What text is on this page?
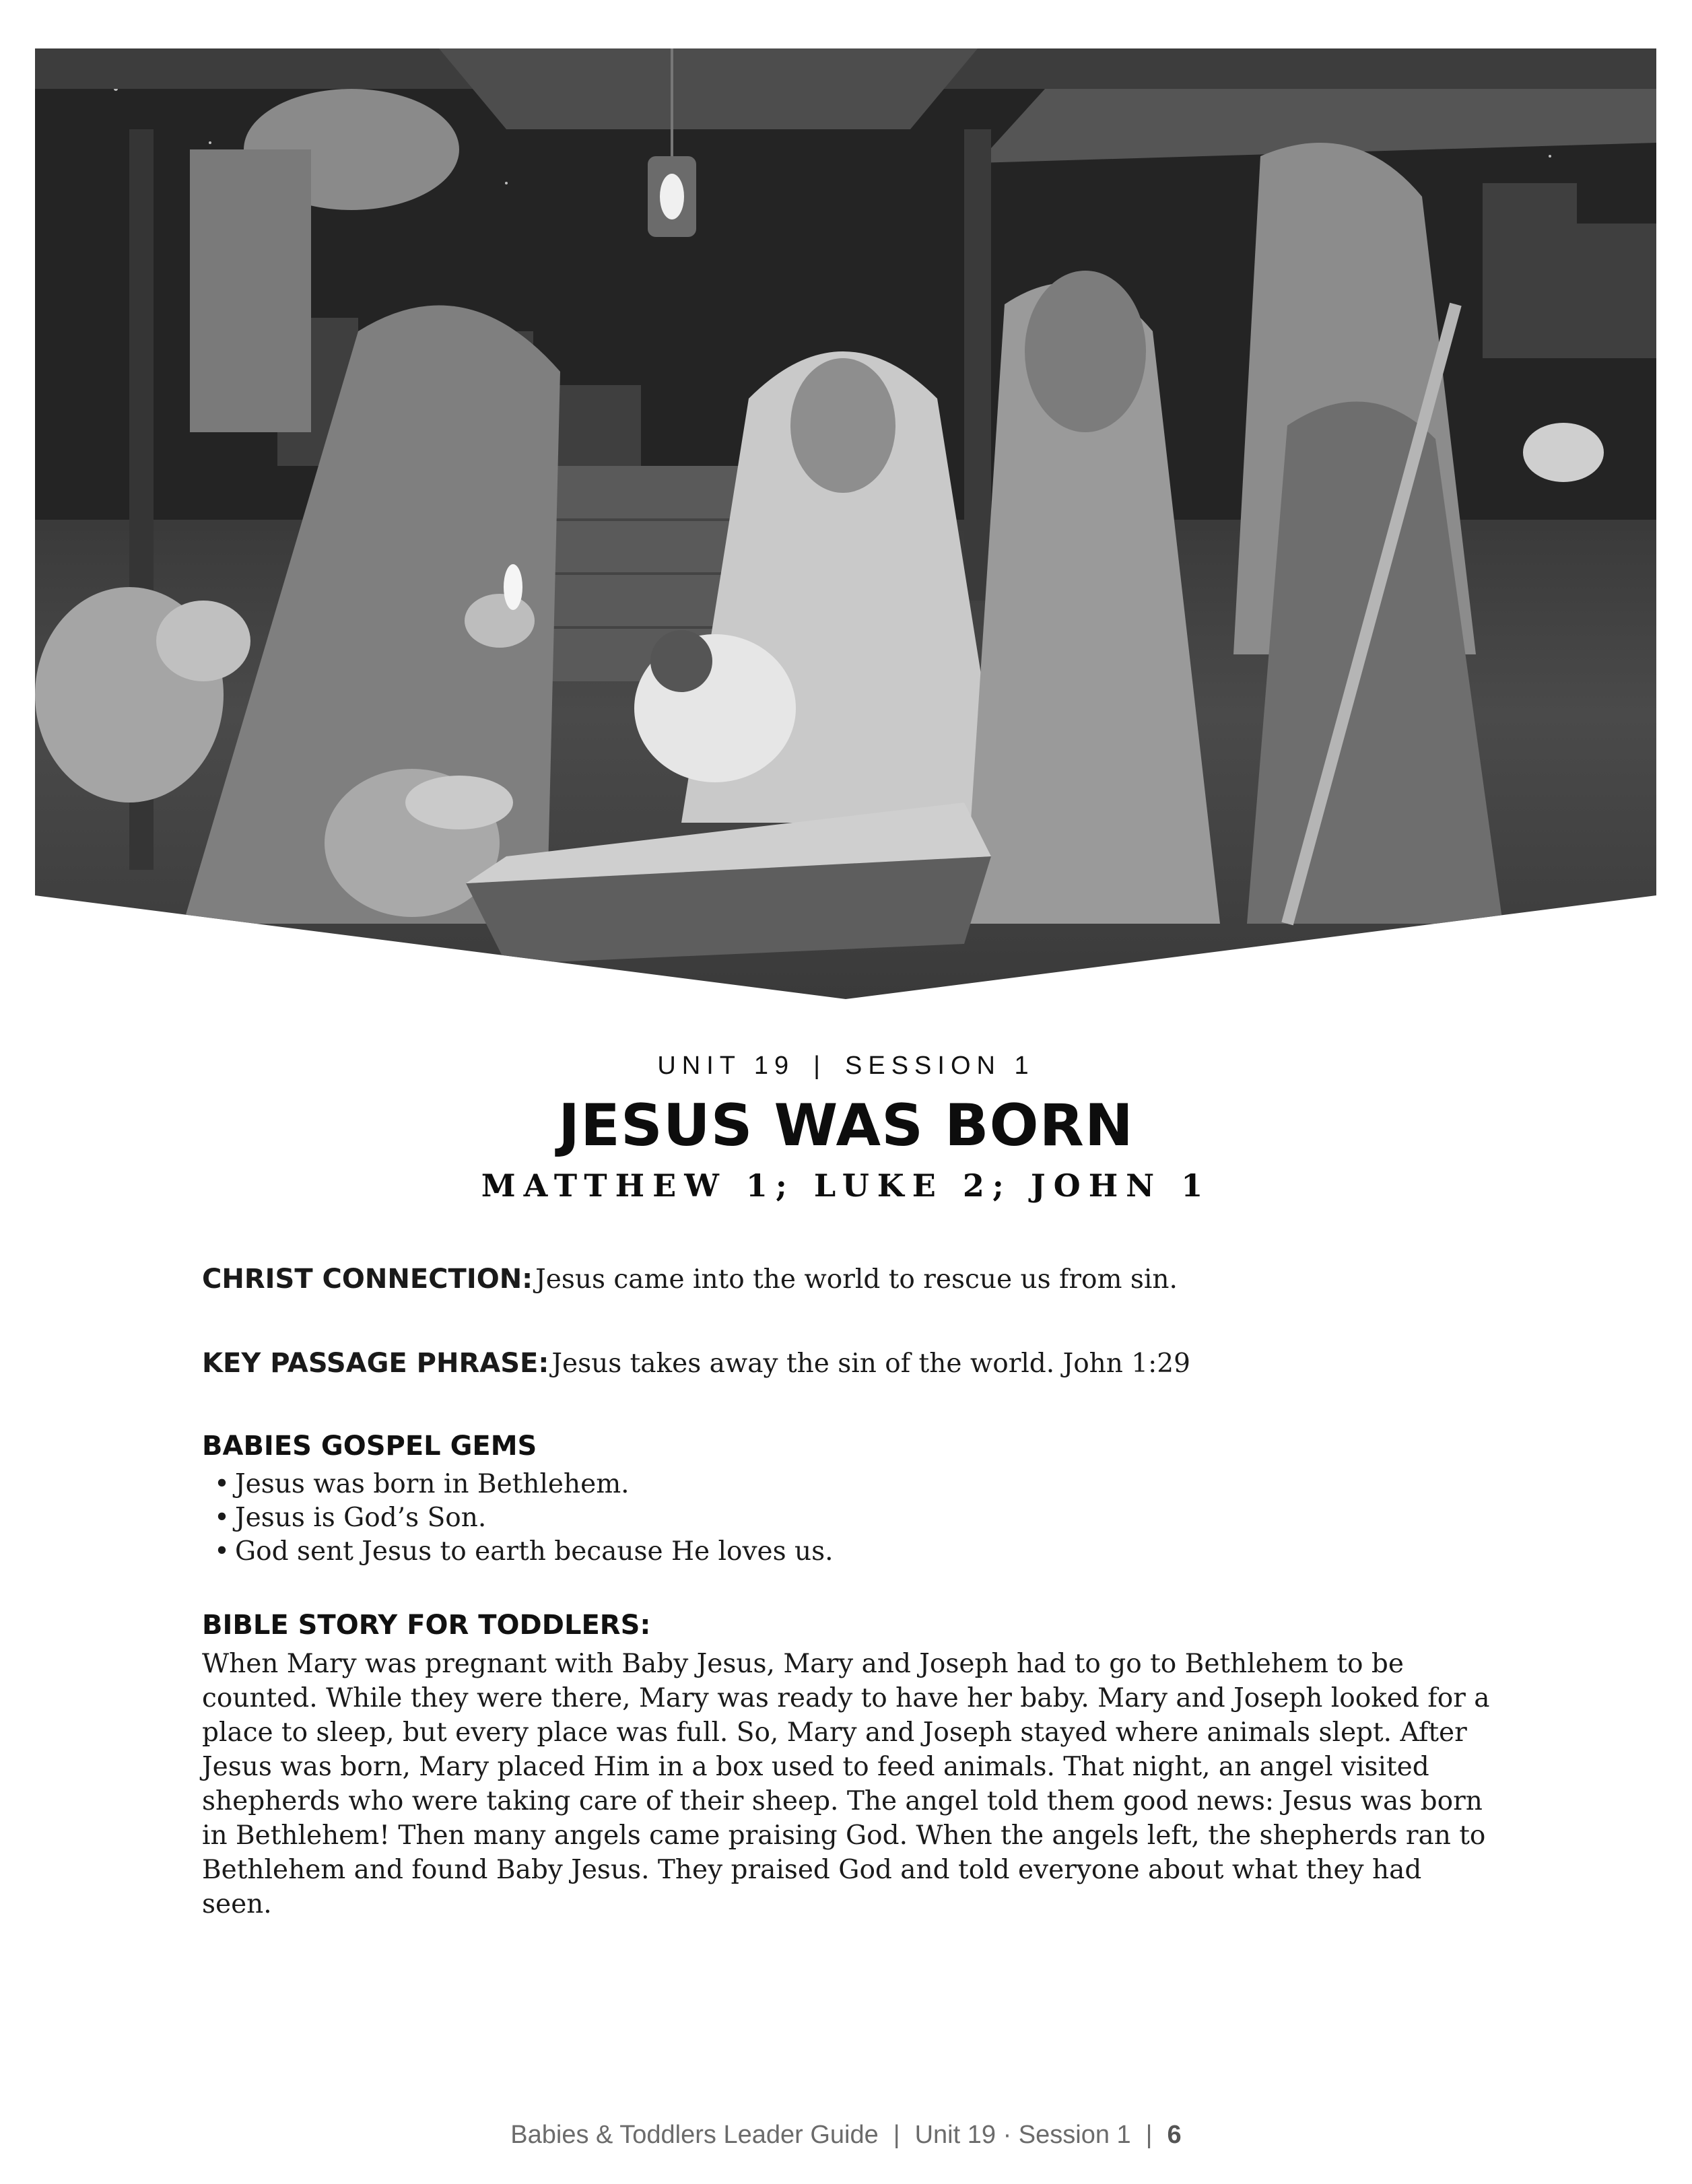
UNIT 19 | SESSION 1
JESUS WAS BORN
MATTHEW 1; LUKE 2; JOHN 1
CHRIST CONNECTION: Jesus came into the world to rescue us from sin.
KEY PASSAGE PHRASE: Jesus takes away the sin of the world. John 1:29
BABIES GOSPEL GEMS
• Jesus was born in Bethlehem.
• Jesus is God’s Son.
• God sent Jesus to earth because He loves us.
BIBLE STORY FOR TODDLERS:

When Mary was pregnant with Baby Jesus, Mary and Joseph had to go to Bethlehem to be counted. While they were there, Mary was ready to have her baby. Mary and Joseph looked for a place to sleep, but every place was full. So, Mary and Joseph stayed where animals slept. After Jesus was born, Mary placed Him in a box used to feed animals. That night, an angel visited shepherds who were taking care of their sheep. The angel told them good news: Jesus was born in Bethlehem! Then many angels came praising God. When the angels left, the shepherds ran to Bethlehem and found Baby Jesus. They praised God and told everyone about what they had seen.

Babies & Toddlers Leader Guide | Unit 19 · Session 1 | 6
